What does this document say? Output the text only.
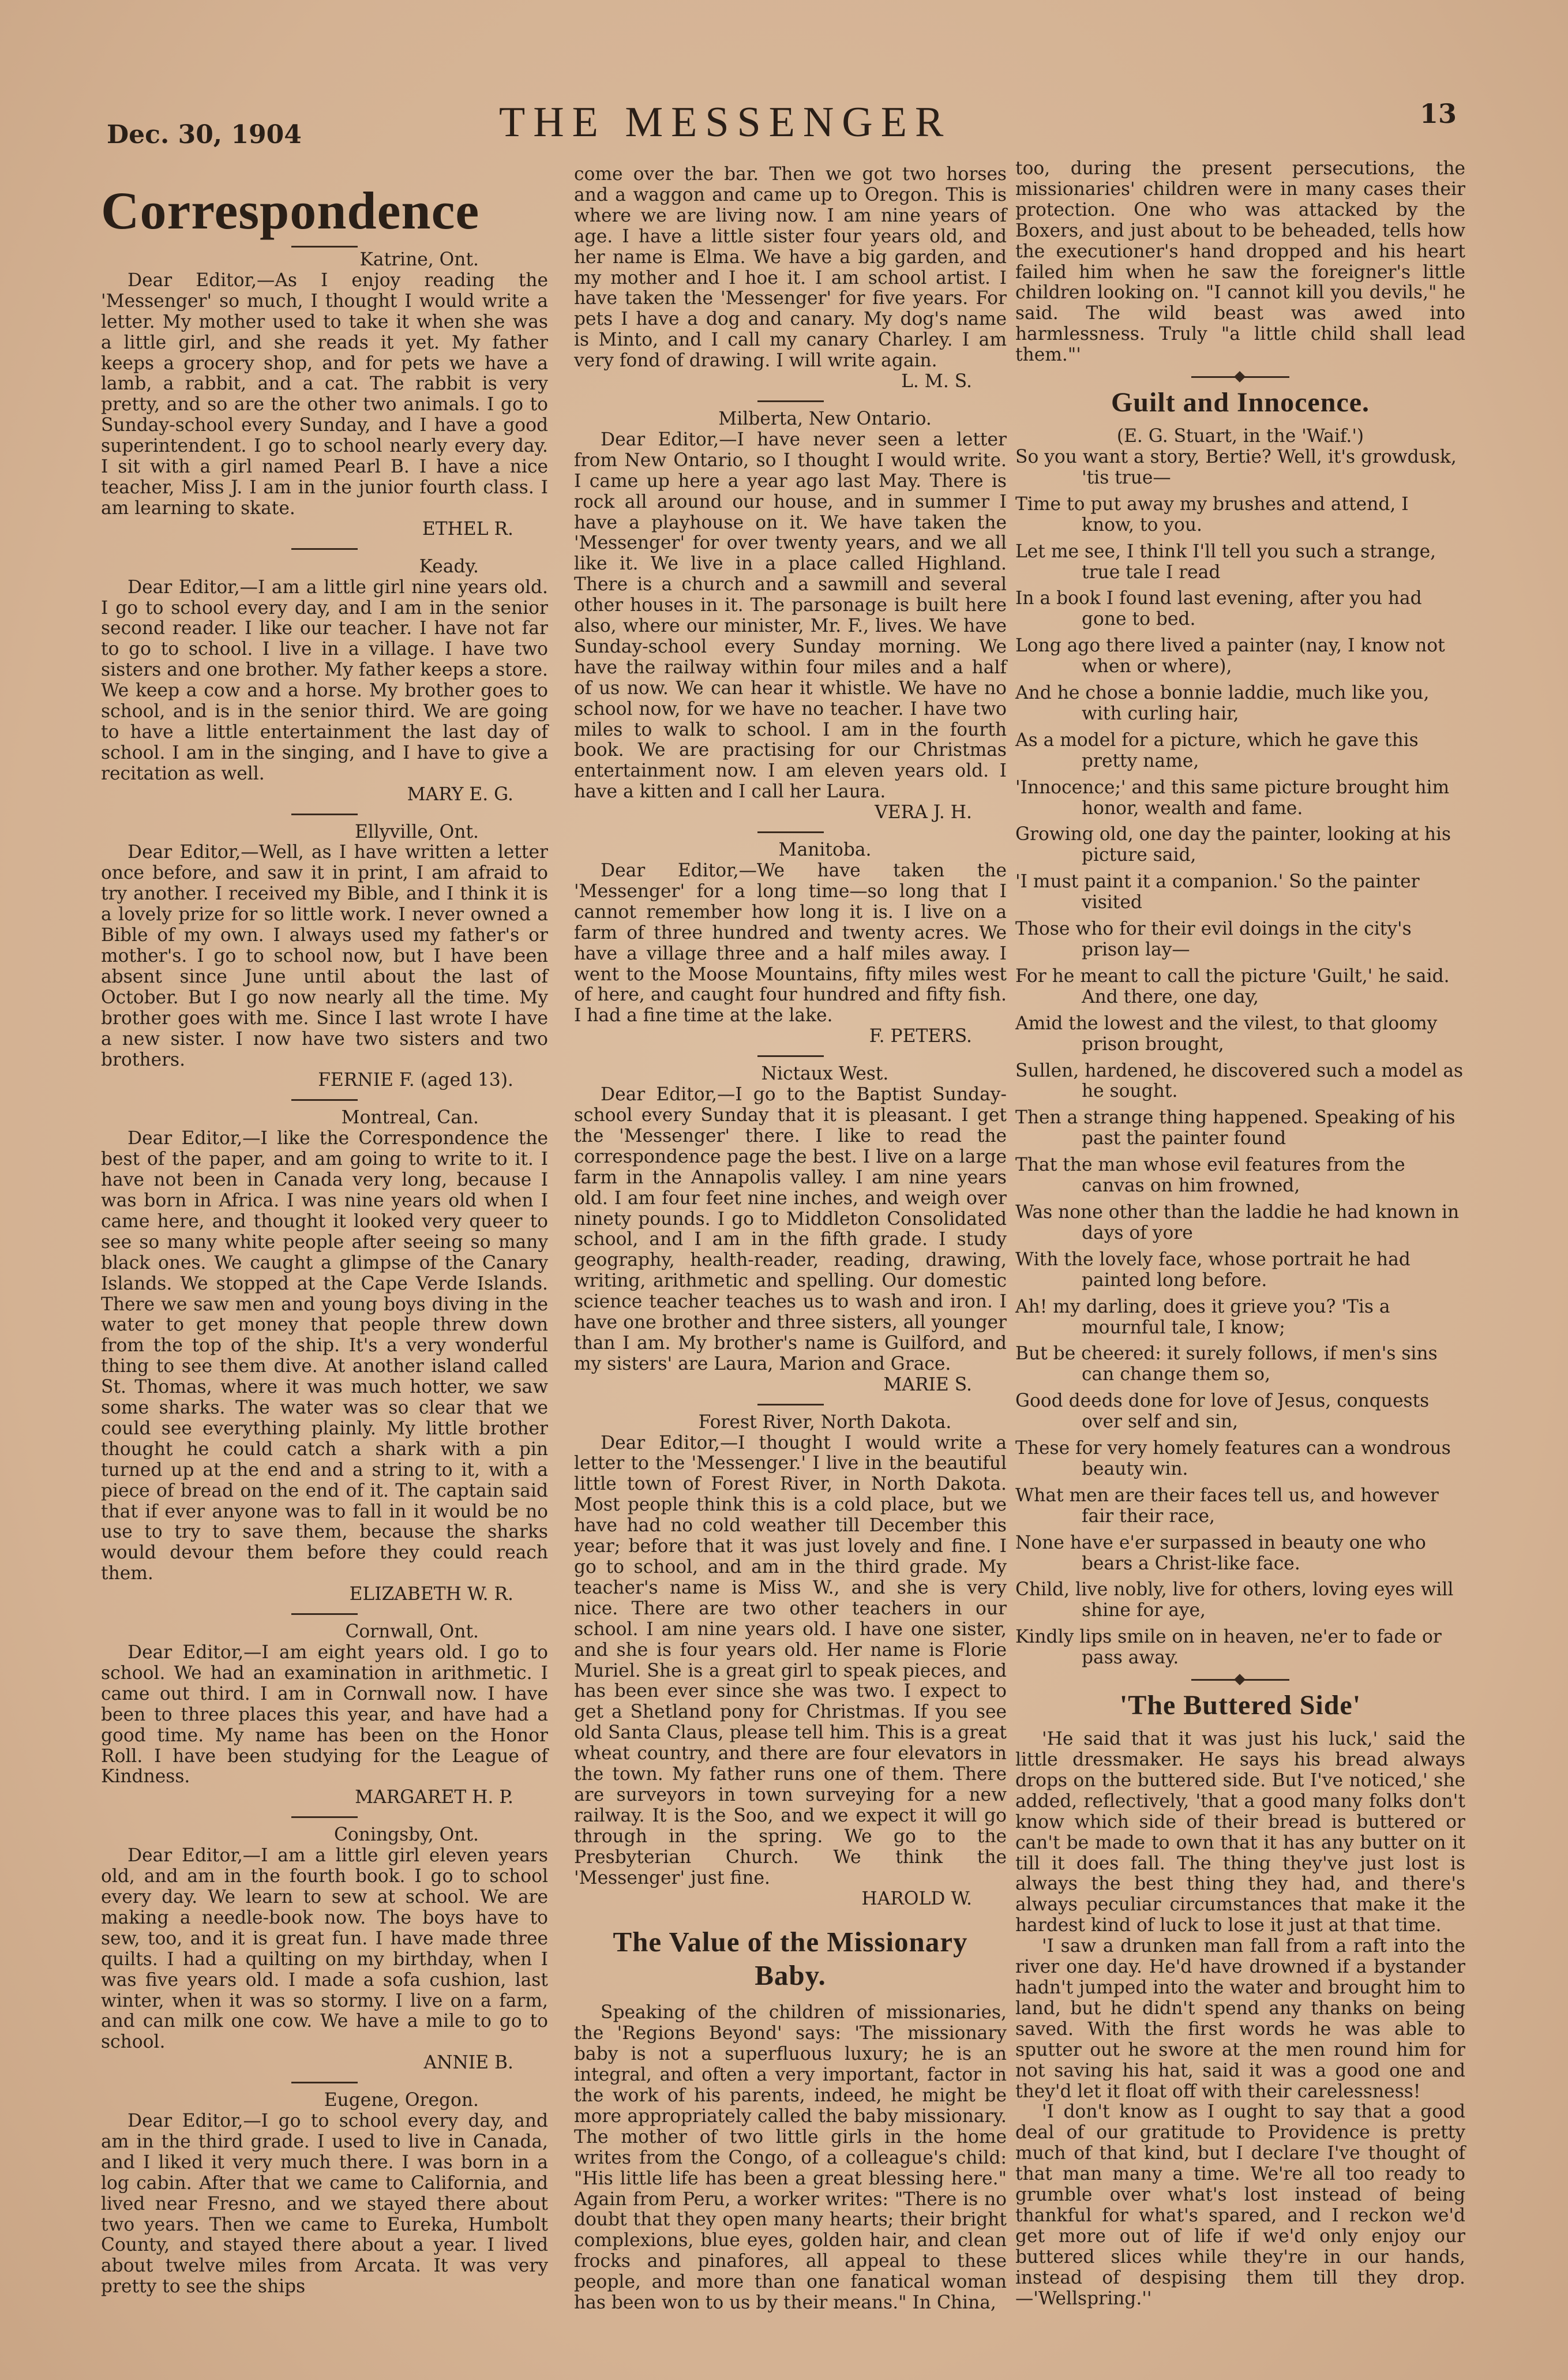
Dec. 30, 1904	THE MESSENGER	13
Correspondence

Katrine, Ont.

Dear Editor,—As I enjoy reading the 'Messenger' so much, I thought I would write a letter. My mother used to take it when she was a little girl, and she reads it yet. My father keeps a grocery shop, and for pets we have a lamb, a rabbit, and a cat. The rabbit is very pretty, and so are the other two animals. I go to Sunday-school every Sunday, and I have a good superintendent. I go to school nearly every day. I sit with a girl named Pearl B. I have a nice teacher, Miss J. I am in the junior fourth class. I am learning to skate.

ETHEL R.

Keady.

Dear Editor,—I am a little girl nine years old. I go to school every day, and I am in the senior second reader. I like our teacher. I have not far to go to school. I live in a village. I have two sisters and one brother. My father keeps a store. We keep a cow and a horse. My brother goes to school, and is in the senior third. We are going to have a little entertainment the last day of school. I am in the singing, and I have to give a recitation as well.

MARY E. G.

Ellyville, Ont.

Dear Editor,—Well, as I have written a letter once before, and saw it in print, I am afraid to try another. I received my Bible, and I think it is a lovely prize for so little work. I never owned a Bible of my own. I always used my father's or mother's. I go to school now, but I have been absent since June until about the last of October. But I go now nearly all the time. My brother goes with me. Since I last wrote I have a new sister. I now have two sisters and two brothers.

FERNIE F. (aged 13).

Montreal, Can.

Dear Editor,—I like the Correspondence the best of the paper, and am going to write to it. I have not been in Canada very long, because I was born in Africa. I was nine years old when I came here, and thought it looked very queer to see so many white people after seeing so many black ones. We caught a glimpse of the Canary Islands. We stopped at the Cape Verde Islands. There we saw men and young boys diving in the water to get money that people threw down from the top of the ship. It's a very wonderful thing to see them dive. At another island called St. Thomas, where it was much hotter, we saw some sharks. The water was so clear that we could see everything plainly. My little brother thought he could catch a shark with a pin turned up at the end and a string to it, with a piece of bread on the end of it. The captain said that if ever anyone was to fall in it would be no use to try to save them, because the sharks would devour them before they could reach them.

ELIZABETH W. R.

Cornwall, Ont.

Dear Editor,—I am eight years old. I go to school. We had an examination in arithmetic. I came out third. I am in Cornwall now. I have been to three places this year, and have had a good time. My name has been on the Honor Roll. I have been studying for the League of Kindness.

MARGARET H. P.

Coningsby, Ont.

Dear Editor,—I am a little girl eleven years old, and am in the fourth book. I go to school every day. We learn to sew at school. We are making a needle-book now. The boys have to sew, too, and it is great fun. I have made three quilts. I had a quilting on my birthday, when I was five years old. I made a sofa cushion, last winter, when it was so stormy. I live on a farm, and can milk one cow. We have a mile to go to school.

ANNIE B.

Eugene, Oregon.

Dear Editor,—I go to school every day, and am in the third grade. I used to live in Canada, and I liked it very much there. I was born in a log cabin. After that we came to California, and lived near Fresno, and we stayed there about two years. Then we came to Eureka, Humbolt County, and stayed there about a year. I lived about twelve miles from Arcata. It was very pretty to see the ships

come over the bar. Then we got two horses and a waggon and came up to Oregon. This is where we are living now. I am nine years of age. I have a little sister four years old, and her name is Elma. We have a big garden, and my mother and I hoe it. I am school artist. I have taken the 'Messenger' for five years. For pets I have a dog and canary. My dog's name is Minto, and I call my canary Charley. I am very fond of drawing. I will write again.

L. M. S.

Milberta, New Ontario.

Dear Editor,—I have never seen a letter from New Ontario, so I thought I would write. I came up here a year ago last May. There is rock all around our house, and in summer I have a playhouse on it. We have taken the 'Messenger' for over twenty years, and we all like it. We live in a place called Highland. There is a church and a sawmill and several other houses in it. The parsonage is built here also, where our minister, Mr. F., lives. We have Sunday-school every Sunday morning. We have the railway within four miles and a half of us now. We can hear it whistle. We have no school now, for we have no teacher. I have two miles to walk to school. I am in the fourth book. We are practising for our Christmas entertainment now. I am eleven years old. I have a kitten and I call her Laura.

VERA J. H.

Manitoba.

Dear Editor,—We have taken the 'Messenger' for a long time—so long that I cannot remember how long it is. I live on a farm of three hundred and twenty acres. We have a village three and a half miles away. I went to the Moose Mountains, fifty miles west of here, and caught four hundred and fifty fish. I had a fine time at the lake.

F. PETERS.

Nictaux West.

Dear Editor,—I go to the Baptist Sunday-school every Sunday that it is pleasant. I get the 'Messenger' there. I like to read the correspondence page the best. I live on a large farm in the Annapolis valley. I am nine years old. I am four feet nine inches, and weigh over ninety pounds. I go to Middleton Consolidated school, and I am in the fifth grade. I study geography, health-reader, reading, drawing, writing, arithmetic and spelling. Our domestic science teacher teaches us to wash and iron. I have one brother and three sisters, all younger than I am. My brother's name is Guilford, and my sisters' are Laura, Marion and Grace.

MARIE S.

Forest River, North Dakota.

Dear Editor,—I thought I would write a letter to the 'Messenger.' I live in the beautiful little town of Forest River, in North Dakota. Most people think this is a cold place, but we have had no cold weather till December this year; before that it was just lovely and fine. I go to school, and am in the third grade. My teacher's name is Miss W., and she is very nice. There are two other teachers in our school. I am nine years old. I have one sister, and she is four years old. Her name is Florie Muriel. She is a great girl to speak pieces, and has been ever since she was two. I expect to get a Shetland pony for Christmas. If you see old Santa Claus, please tell him. This is a great wheat country, and there are four elevators in the town. My father runs one of them. There are surveyors in town surveying for a new railway. It is the Soo, and we expect it will go through in the spring. We go to the Presbyterian Church. We think the 'Messenger' just fine.

HAROLD W.

The Value of the Missionary Baby.

Speaking of the children of missionaries, the 'Regions Beyond' says: 'The missionary baby is not a superfluous luxury; he is an integral, and often a very important, factor in the work of his parents, indeed, he might be more appropriately called the baby missionary. The mother of two little girls in the home writes from the Congo, of a colleague's child: "His little life has been a great blessing here." Again from Peru, a worker writes: "There is no doubt that they open many hearts; their bright complexions, blue eyes, golden hair, and clean frocks and pinafores, all appeal to these people, and more than one fanatical woman has been won to us by their means." In China,

too, during the present persecutions, the missionaries' children were in many cases their protection. One who was attacked by the Boxers, and just about to be beheaded, tells how the executioner's hand dropped and his heart failed him when he saw the foreigner's little children looking on. "I cannot kill you devils," he said. The wild beast was awed into harmlessness. Truly "a little child shall lead them."'

Guilt and Innocence.

(E. G. Stuart, in the 'Waif.')

So you want a story, Bertie? Well, it's growdusk, 'tis true—

Time to put away my brushes and attend, I know, to you.

Let me see, I think I'll tell you such a strange, true tale I read

In a book I found last evening, after you had gone to bed.

Long ago there lived a painter (nay, I know not when or where),

And he chose a bonnie laddie, much like you, with curling hair,

As a model for a picture, which he gave this pretty name,

'Innocence;' and this same picture brought him honor, wealth and fame.

Growing old, one day the painter, looking at his picture said,

'I must paint it a companion.' So the painter visited

Those who for their evil doings in the city's prison lay—

For he meant to call the picture 'Guilt,' he said. And there, one day,

Amid the lowest and the vilest, to that gloomy prison brought,

Sullen, hardened, he discovered such a model as he sought.

Then a strange thing happened. Speaking of his past the painter found

That the man whose evil features from the canvas on him frowned,

Was none other than the laddie he had known in days of yore

With the lovely face, whose portrait he had painted long before.

Ah! my darling, does it grieve you? 'Tis a mournful tale, I know;

But be cheered: it surely follows, if men's sins can change them so,

Good deeds done for love of Jesus, conquests over self and sin,

These for very homely features can a wondrous beauty win.

What men are their faces tell us, and however fair their race,

None have e'er surpassed in beauty one who bears a Christ-like face.

Child, live nobly, live for others, loving eyes will shine for aye,

Kindly lips smile on in heaven, ne'er to fade or pass away.

'The Buttered Side'

'He said that it was just his luck,' said the little dressmaker. He says his bread always drops on the buttered side. But I've noticed,' she added, reflectively, 'that a good many folks don't know which side of their bread is buttered or can't be made to own that it has any butter on it till it does fall. The thing they've just lost is always the best thing they had, and there's always peculiar circumstances that make it the hardest kind of luck to lose it just at that time.

'I saw a drunken man fall from a raft into the river one day. He'd have drowned if a bystander hadn't jumped into the water and brought him to land, but he didn't spend any thanks on being saved. With the first words he was able to sputter out he swore at the men round him for not saving his hat, said it was a good one and they'd let it float off with their carelessness!

'I don't know as I ought to say that a good deal of our gratitude to Providence is pretty much of that kind, but I declare I've thought of that man many a time. We're all too ready to grumble over what's lost instead of being thankful for what's spared, and I reckon we'd get more out of life if we'd only enjoy our buttered slices while they're in our hands, instead of despising them till they drop.—'Wellspring.''
